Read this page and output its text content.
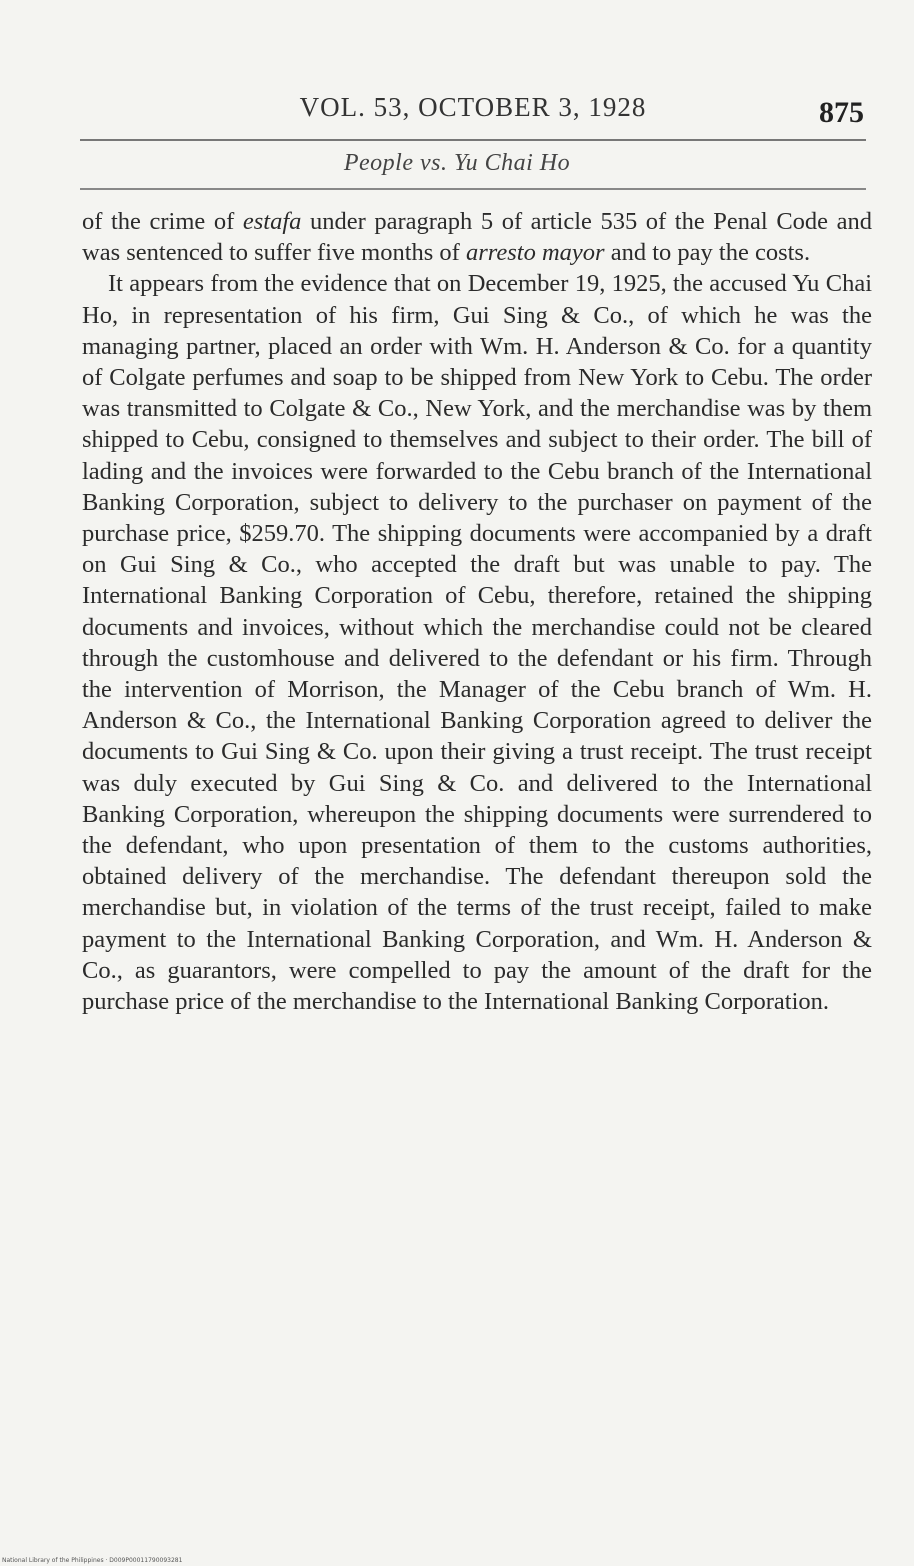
VOL. 53, OCTOBER 3, 1928	875
People vs. Yu Chai Ho

of the crime of estafa under paragraph 5 of article 535 of the Penal Code and was sentenced to suffer five months of arresto mayor and to pay the costs.

It appears from the evidence that on December 19, 1925, the accused Yu Chai Ho, in representation of his firm, Gui Sing & Co., of which he was the managing partner, placed an order with Wm. H. Anderson & Co. for a quantity of Colgate perfumes and soap to be shipped from New York to Cebu. The order was transmitted to Colgate & Co., New York, and the merchandise was by them shipped to Cebu, consigned to themselves and subject to their order. The bill of lading and the invoices were forwarded to the Cebu branch of the International Banking Corporation, subject to delivery to the purchaser on payment of the purchase price, $259.70. The shipping documents were accompanied by a draft on Gui Sing & Co., who accepted the draft but was unable to pay. The International Banking Corporation of Cebu, therefore, retained the shipping documents and invoices, without which the merchandise could not be cleared through the customhouse and delivered to the defendant or his firm. Through the intervention of Morrison, the Manager of the Cebu branch of Wm. H. Anderson & Co., the International Banking Corporation agreed to deliver the documents to Gui Sing & Co. upon their giving a trust receipt. The trust receipt was duly executed by Gui Sing & Co. and delivered to the International Banking Corporation, whereupon the shipping documents were surrendered to the defendant, who upon presentation of them to the customs authorities, obtained delivery of the merchandise. The defendant thereupon sold the merchandise but, in violation of the terms of the trust receipt, failed to make payment to the International Banking Corporation, and Wm. H. Anderson & Co., as guarantors, were compelled to pay the amount of the draft for the purchase price of the merchandise to the International Banking Corporation.

National Library of the Philippines · D009P00011790093281
